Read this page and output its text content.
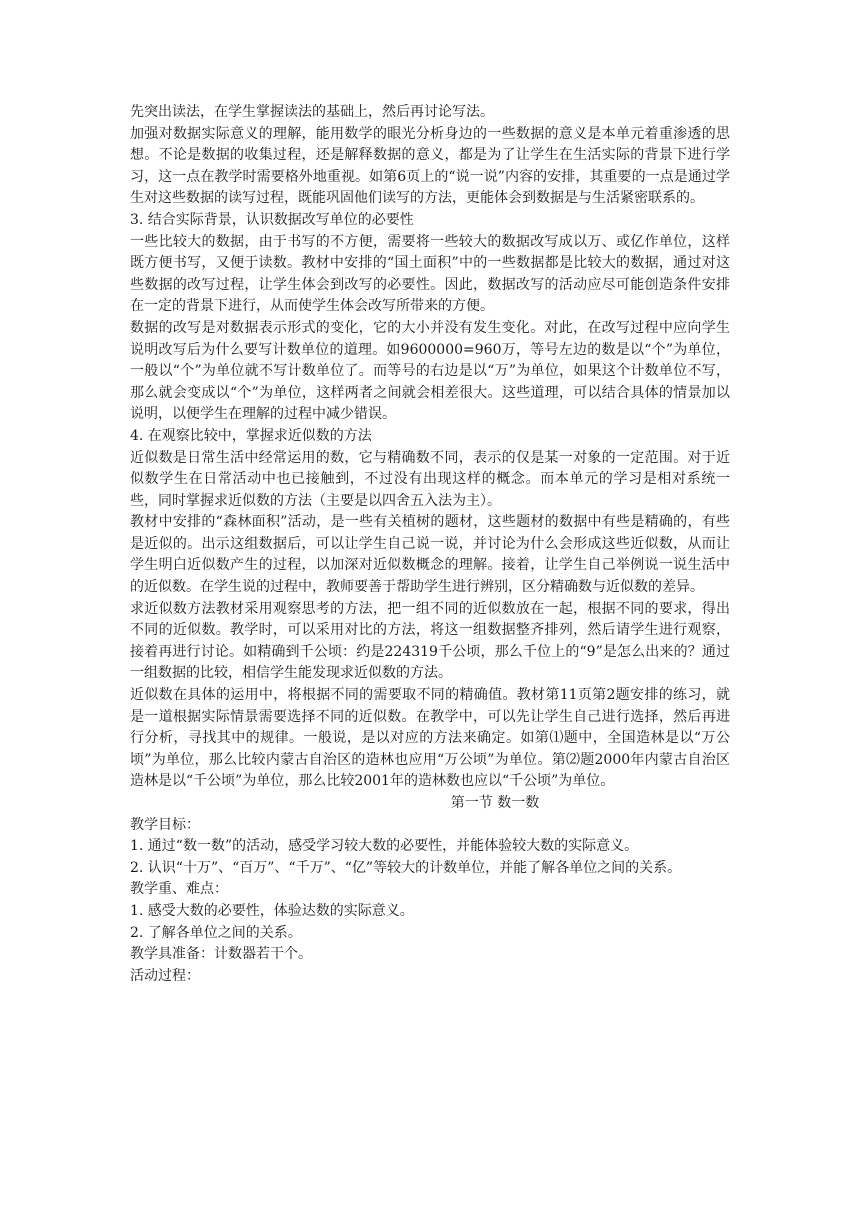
先突出读法，在学生掌握读法的基础上，然后再讨论写法。

加强对数据实际意义的理解，能用数学的眼光分析身边的一些数据的意义是本单元着重渗透的思想。不论是数据的收集过程，还是解释数据的意义，都是为了让学生在生活实际的背景下进行学习，这一点在教学时需要格外地重视。如第6页上的“说一说”内容的安排，其重要的一点是通过学生对这些数据的读写过程，既能巩固他们读写的方法，更能体会到数据是与生活紧密联系的。

3. 结合实际背景，认识数据改写单位的必要性

一些比较大的数据，由于书写的不方便，需要将一些较大的数据改写成以万、或亿作单位，这样既方便书写，又便于读数。教材中安排的“国土面积”中的一些数据都是比较大的数据，通过对这些数据的改写过程，让学生体会到改写的必要性。因此，数据改写的活动应尽可能创造条件安排在一定的背景下进行，从而使学生体会改写所带来的方便。

数据的改写是对数据表示形式的变化，它的大小并没有发生变化。对此，在改写过程中应向学生说明改写后为什么要写计数单位的道理。如9600000=960万，等号左边的数是以“个”为单位，一般以“个”为单位就不写计数单位了。而等号的右边是以“万”为单位，如果这个计数单位不写，那么就会变成以“个”为单位，这样两者之间就会相差很大。这些道理，可以结合具体的情景加以说明，以便学生在理解的过程中减少错误。

4. 在观察比较中，掌握求近似数的方法

近似数是日常生活中经常运用的数，它与精确数不同，表示的仅是某一对象的一定范围。对于近似数学生在日常活动中也已接触到，不过没有出现这样的概念。而本单元的学习是相对系统一些，同时掌握求近似数的方法（主要是以四舍五入法为主）。

教材中安排的“森林面积”活动，是一些有关植树的题材，这些题材的数据中有些是精确的，有些是近似的。出示这组数据后，可以让学生自己说一说，并讨论为什么会形成这些近似数，从而让学生明白近似数产生的过程，以加深对近似数概念的理解。接着，让学生自己举例说一说生活中的近似数。在学生说的过程中，教师要善于帮助学生进行辨别，区分精确数与近似数的差异。

求近似数方法教材采用观察思考的方法，把一组不同的近似数放在一起，根据不同的要求，得出不同的近似数。教学时，可以采用对比的方法，将这一组数据整齐排列，然后请学生进行观察，接着再进行讨论。如精确到千公顷：约是224319千公顷，那么千位上的“9”是怎么出来的？通过一组数据的比较，相信学生能发现求近似数的方法。

近似数在具体的运用中，将根据不同的需要取不同的精确值。教材第11页第2题安排的练习，就是一道根据实际情景需要选择不同的近似数。在教学中，可以先让学生自己进行选择，然后再进行分析，寻找其中的规律。一般说，是以对应的方法来确定。如第⑴题中，全国造林是以“万公顷”为单位，那么比较内蒙古自治区的造林也应用“万公顷”为单位。第⑵题2000年内蒙古自治区造林是以“千公顷”为单位，那么比较2001年的造林数也应以“千公顷”为单位。

第一节 数一数

教学目标：

1. 通过“数一数”的活动，感受学习较大数的必要性，并能体验较大数的实际意义。

2. 认识“十万”、“百万”、“千万”、“亿”等较大的计数单位，并能了解各单位之间的关系。

教学重、难点：

1. 感受大数的必要性，体验达数的实际意义。

2. 了解各单位之间的关系。

教学具准备：计数器若干个。

活动过程：
